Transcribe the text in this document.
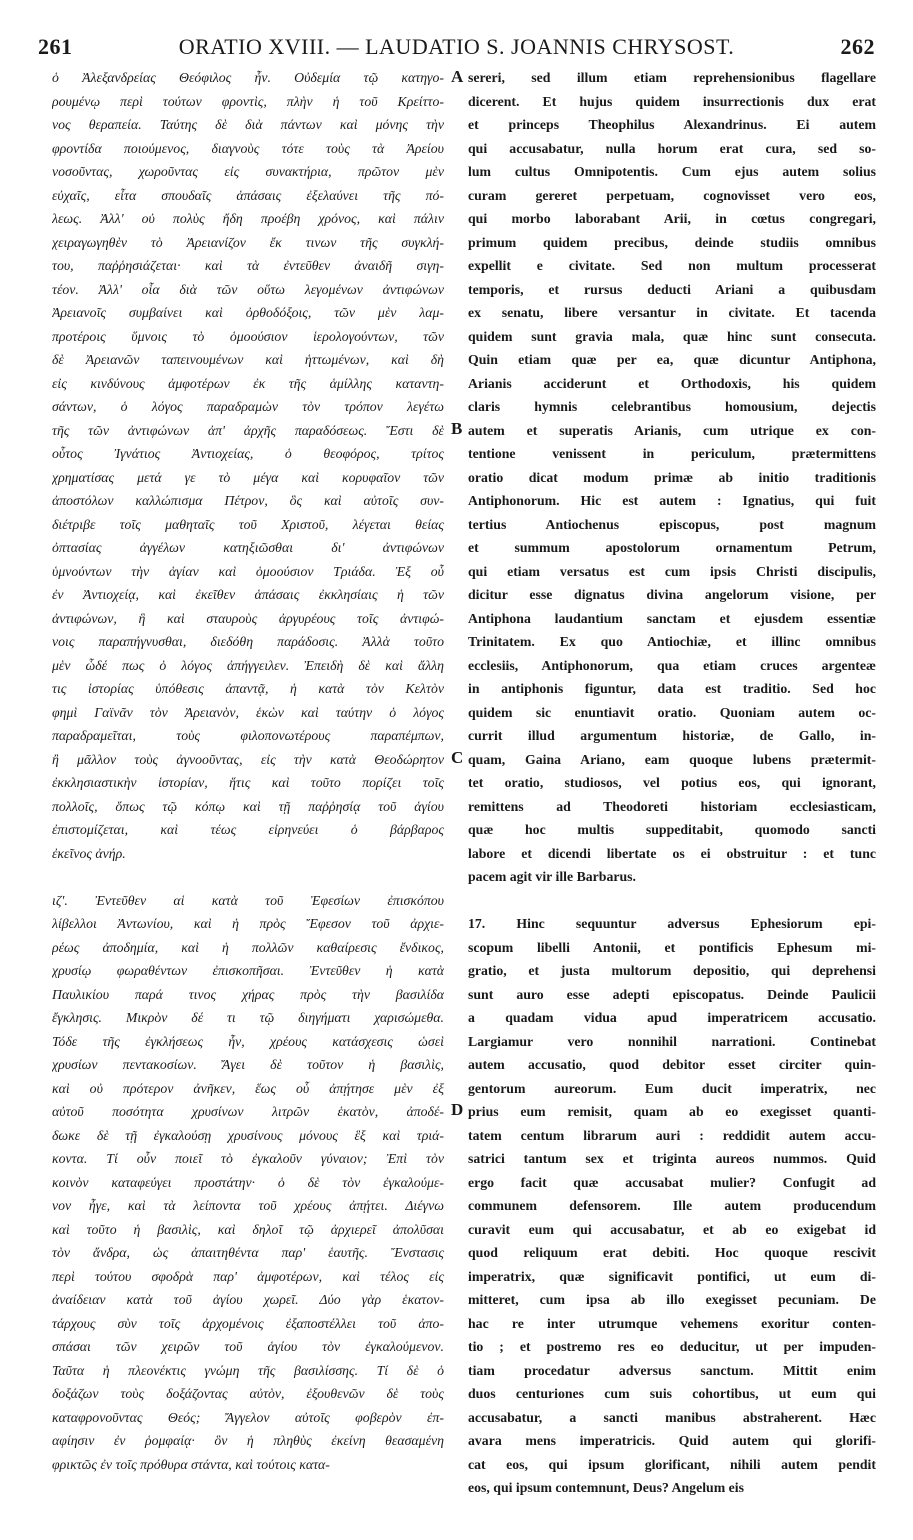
261	ORATIO XVIII. — LAUDATIO S. JOANNIS CHRYSOST.	262
ὁ Ἀλεξανδρείας Θεόφιλος ἦν. Οὐδεμία τῷ κατηγο-
ρουμένῳ περὶ τούτων φροντὶς, πλὴν ἡ τοῦ Κρείττο-
νος θεραπεία. Ταύτης δὲ διὰ πάντων καὶ μόνης τὴν
φροντίδα ποιούμενος, διαγνοὺς τότε τοὺς τὰ Ἀρείου
νοσοῦντας, χωροῦντας εἰς συνακτήρια, πρῶτον μὲν
εὐχαῖς, εἶτα σπουδαῖς ἁπάσαις ἐξελαύνει τῆς πό-
λεως. Ἀλλ' οὐ πολὺς ἤδη προέβη χρόνος, καὶ πάλιν
χειραγωγηθὲν τὸ Ἀρειανίζον ἔκ τινων τῆς συγκλή-
του, παῤῥησιάζεται· καὶ τὰ ἐντεῦθεν ἀναιδῆ σιγη-
τέον. Ἀλλ' οἷα διὰ τῶν οὕτω λεγομένων ἀντιφώνων
Ἀρειανοῖς συμβαίνει καὶ ὀρθοδόξοις, τῶν μὲν λαμ-
προτέροις ὕμνοις τὸ ὁμοούσιον ἱερολογούντων, τῶν
δὲ Ἀρειανῶν ταπεινουμένων καὶ ἡττωμένων, καὶ δὴ
εἰς κινδύνους ἀμφοτέρων ἐκ τῆς ἁμίλλης καταντη-
σάντων, ὁ λόγος παραδραμὼν τὸν τρόπον λεγέτω
τῆς τῶν ἀντιφώνων ἀπ' ἀρχῆς παραδόσεως. Ἔστι δὲ
οὗτος Ἰγνάτιος Ἀντιοχείας, ὁ θεοφόρος, τρίτος
χρηματίσας μετά γε τὸ μέγα καὶ κορυφαῖον τῶν
ἀποστόλων καλλώπισμα Πέτρον, ὃς καὶ αὐτοῖς συν-
διέτριβε τοῖς μαθηταῖς τοῦ Χριστοῦ, λέγεται θείας
ὀπτασίας ἀγγέλων κατηξιῶσθαι δι' ἀντιφώνων
ὑμνούντων τὴν ἁγίαν καὶ ὁμοούσιον Τριάδα. Ἐξ οὗ
ἐν Ἀντιοχείᾳ, καὶ ἐκεῖθεν ἁπάσαις ἐκκλησίαις ἡ τῶν
ἀντιφώνων, ἣ καὶ σταυροὺς ἀργυρέους τοῖς ἀντιφώ-
νοις παραπήγνυσθαι, διεδόθη παράδοσις. Ἀλλὰ τοῦτο
μὲν ὧδέ πως ὁ λόγος ἀπήγγειλεν. Ἐπειδὴ δὲ καὶ ἄλλη
τις ἱστορίας ὑπόθεσις ἀπαντᾷ, ἡ κατὰ τὸν Κελτὸν
φημὶ Γαϊνᾶν τὸν Ἀρειανὸν, ἑκὼν καὶ ταύτην ὁ λόγος
παραδραμεῖται, τοὺς φιλοπονωτέρους παραπέμπων,
ἢ μᾶλλον τοὺς ἀγνοοῦντας, εἰς τὴν κατὰ Θεοδώρητον
ἐκκλησιαστικὴν ἱστορίαν, ἥτις καὶ τοῦτο πορίζει τοῖς
πολλοῖς, ὅπως τῷ κόπῳ καὶ τῇ παῤῥησίᾳ τοῦ ἁγίου
ἐπιστομίζεται, καὶ τέως εἰρηνεύει ὁ βάρβαρος
ἐκεῖνος ἀνήρ.
ιζ'. Ἐντεῦθεν αἱ κατὰ τοῦ Ἐφεσίων ἐπισκόπου
λίβελλοι Ἀντωνίου, καὶ ἡ πρὸς Ἔφεσον τοῦ ἀρχιε-
ρέως ἀποδημία, καὶ ἡ πολλῶν καθαίρεσις ἔνδικος,
χρυσίῳ φωραθέντων ἐπισκοπῆσαι. Ἐντεῦθεν ἡ κατὰ
Παυλικίου παρά τινος χήρας πρὸς τὴν βασιλίδα
ἔγκλησις. Μικρὸν δέ τι τῷ διηγήματι χαρισώμεθα.
Τόδε τῆς ἐγκλήσεως ἦν, χρέους κατάσχεσις ὡσεὶ
χρυσίων πεντακοσίων. Ἄγει δὲ τοῦτον ἡ βασιλὶς,
καὶ οὐ πρότερον ἀνῆκεν, ἕως οὗ ἀπῄτησε μὲν ἐξ
αὐτοῦ ποσότητα χρυσίνων λιτρῶν ἑκατὸν, ἀποδέ-
δωκε δὲ τῇ ἐγκαλούσῃ χρυσίνους μόνους ἓξ καὶ τριά-
κοντα. Τί οὖν ποιεῖ τὸ ἐγκαλοῦν γύναιον; Ἐπὶ τὸν
κοινὸν καταφεύγει προστάτην· ὁ δὲ τὸν ἐγκαλούμε-
νον ἦγε, καὶ τὰ λείποντα τοῦ χρέους ἀπῄτει. Διέγνω
καὶ τοῦτο ἡ βασιλὶς, καὶ δηλοῖ τῷ ἀρχιερεῖ ἀπολῦσαι
τὸν ἄνδρα, ὡς ἀπαιτηθέντα παρ' ἑαυτῆς. Ἔνστασις
περὶ τούτου σφοδρὰ παρ' ἀμφοτέρων, καὶ τέλος εἰς
ἀναίδειαν κατὰ τοῦ ἁγίου χωρεῖ. Δύο γὰρ ἑκατον-
τάρχους σὺν τοῖς ἀρχομένοις ἐξαποστέλλει τοῦ ἀπο-
σπάσαι τῶν χειρῶν τοῦ ἁγίου τὸν ἐγκαλούμενον.
Ταῦτα ἡ πλεονέκτις γνώμη τῆς βασιλίσσης. Τί δὲ ὁ
δοξάζων τοὺς δοξάζοντας αὐτὸν, ἐξουθενῶν δὲ τοὺς
καταφρονοῦντας Θεός; Ἄγγελον αὐτοῖς φοβερὸν ἐπ-
αφίησιν ἐν ῥομφαίᾳ· ὃν ἡ πληθὺς ἐκείνη θεασαμένη
φρικτῶς ἐν τοῖς πρόθυρα στάντα, καὶ τούτοις κατα-
sereri, sed illum etiam reprehensionibus flagellare
dicerent. Et hujus quidem insurrectionis dux erat
et princeps Theophilus Alexandrinus. Ei autem
qui accusabatur, nulla horum erat cura, sed so-
lum cultus Omnipotentis. Cum ejus autem solius
curam gereret perpetuam, cognovisset vero eos,
qui morbo laborabant Arii, in cœtus congregari,
primum quidem precibus, deinde studiis omnibus
expellit e civitate. Sed non multum processerat
temporis, et rursus deducti Ariani a quibusdam
ex senatu, libere versantur in civitate. Et tacenda
quidem sunt gravia mala, quæ hinc sunt consecuta.
Quin etiam quæ per ea, quæ dicuntur Antiphona,
Arianis acciderunt et Orthodoxis, his quidem
claris hymnis celebrantibus homousium, dejectis
autem et superatis Arianis, cum utrique ex con-
tentione venissent in periculum, prætermittens
oratio dicat modum primæ ab initio traditionis
Antiphonorum. Hic est autem : Ignatius, qui fuit
tertius Antiochenus episcopus, post magnum
et summum apostolorum ornamentum Petrum,
qui etiam versatus est cum ipsis Christi discipulis,
dicitur esse dignatus divina angelorum visione, per
Antiphona laudantium sanctam et ejusdem essentiæ
Trinitatem. Ex quo Antiochiæ, et illinc omnibus
ecclesiis, Antiphonorum, qua etiam cruces argenteæ
in antiphonis figuntur, data est traditio. Sed hoc
quidem sic enuntiavit oratio. Quoniam autem oc-
currit illud argumentum historiæ, de Gallo, in-
quam, Gaina Ariano, eam quoque lubens prætermit-
tet oratio, studiosos, vel potius eos, qui ignorant,
remittens ad Theodoreti historiam ecclesiasticam,
quæ hoc multis suppeditabit, quomodo sancti
labore et dicendi libertate os ei obstruitur : et tunc
pacem agit vir ille Barbarus.
17. Hinc sequuntur adversus Ephesiorum epi-
scopum libelli Antonii, et pontificis Ephesum mi-
gratio, et justa multorum depositio, qui deprehensi
sunt auro esse adepti episcopatus. Deinde Paulicii
a quadam vidua apud imperatricem accusatio.
Largiamur vero nonnihil narrationi. Continebat
autem accusatio, quod debitor esset circiter quin-
gentorum aureorum. Eum ducit imperatrix, nec
prius eum remisit, quam ab eo exegisset quanti-
tatem centum librarum auri : reddidit autem accu-
satrici tantum sex et triginta aureos nummos. Quid
ergo facit quæ accusabat mulier? Confugit ad
communem defensorem. Ille autem producendum
curavit eum qui accusabatur, et ab eo exigebat id
quod reliquum erat debiti. Hoc quoque rescivit
imperatrix, quæ significavit pontifici, ut eum di-
mitteret, cum ipsa ab illo exegisset pecuniam. De
hac re inter utrumque vehemens exoritur conten-
tio ; et postremo res eo deducitur, ut per impuden-
tiam procedatur adversus sanctum. Mittit enim
duos centuriones cum suis cohortibus, ut eum qui
accusabatur, a sancti manibus abstraherent. Hæc
avara mens imperatricis. Quid autem qui glorifi-
cat eos, qui ipsum glorificant, nihili autem pendit
eos, qui ipsum contemnunt, Deus? Angelum eis
A
B
C
D
